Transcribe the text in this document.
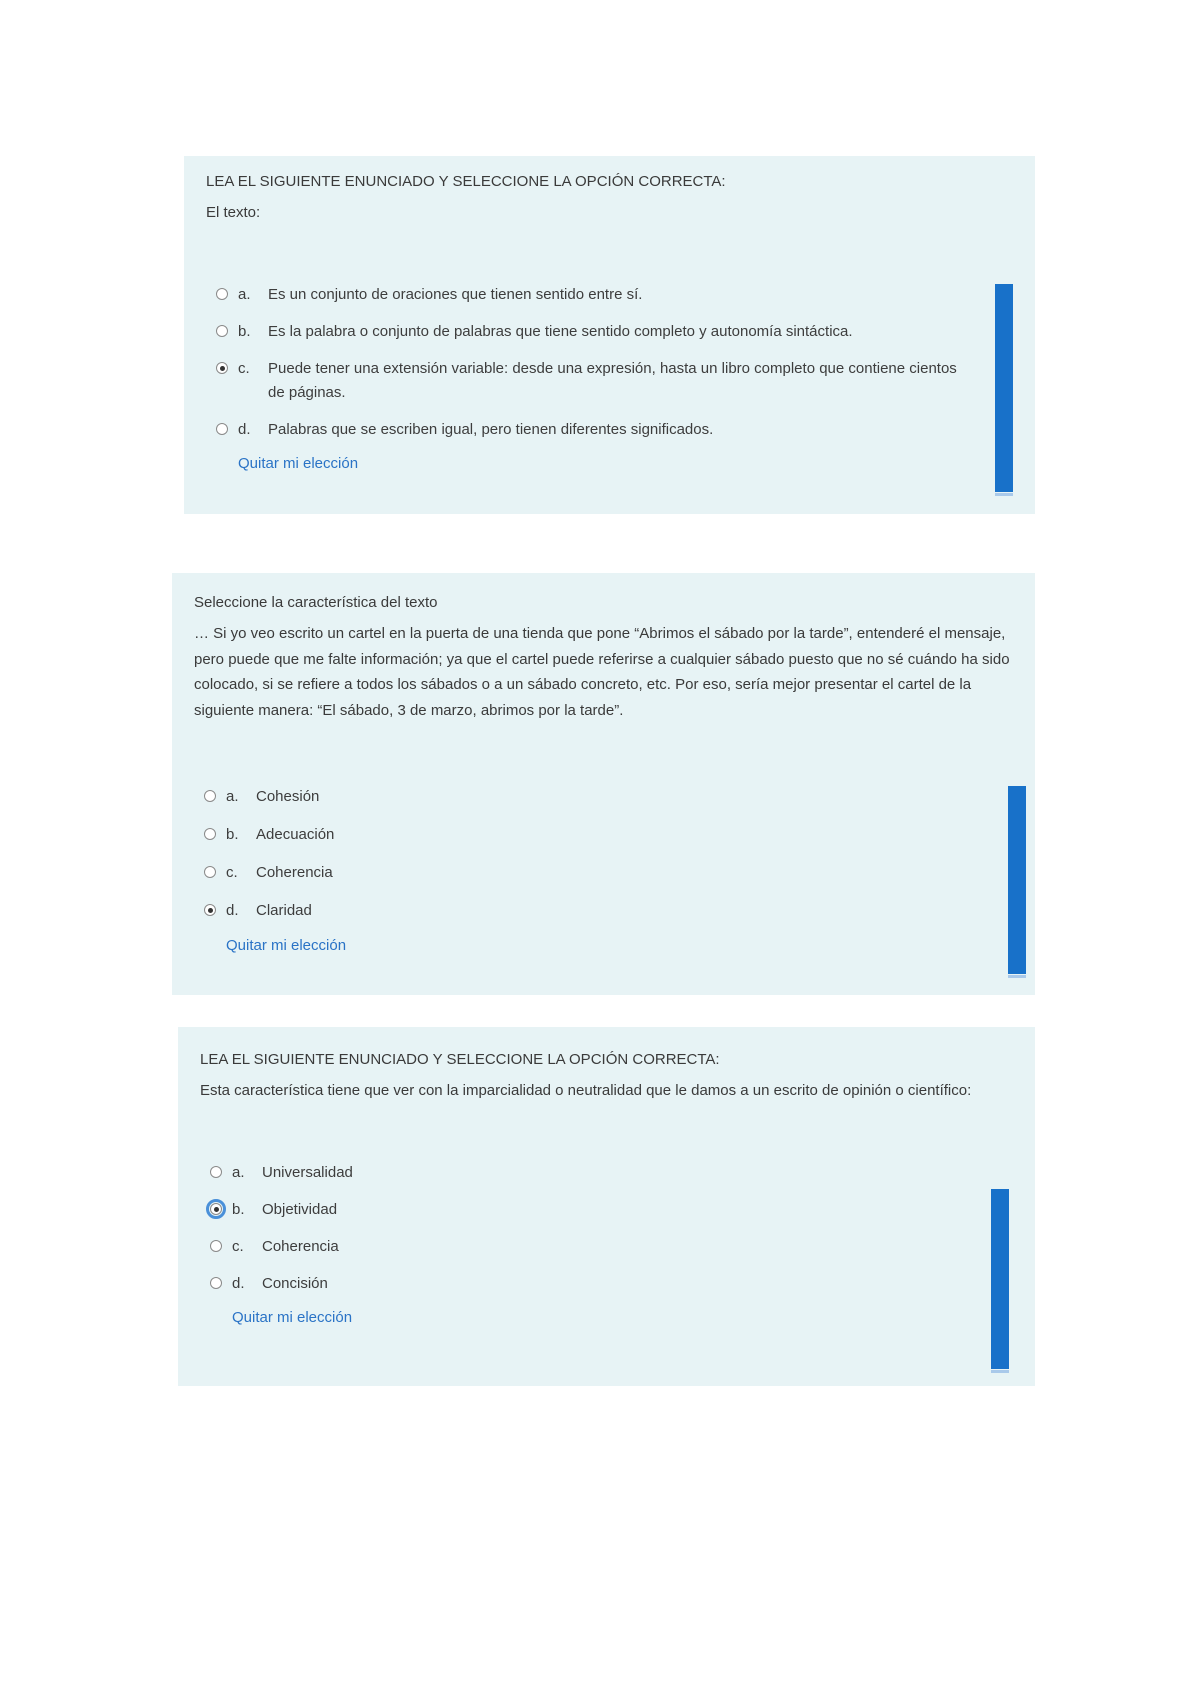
LEA EL SIGUIENTE ENUNCIADO Y SELECCIONE LA OPCIÓN CORRECTA:
El texto:
a.	Es un conjunto de oraciones que tienen sentido entre sí.
b.	Es la palabra o conjunto de palabras que tiene sentido completo y autonomía sintáctica.
c.	Puede tener una extensión variable: desde una expresión, hasta un libro completo que contiene cientos de páginas.
d.	Palabras que se escriben igual, pero tienen diferentes significados.
Quitar mi elección
Seleccione la característica del texto
… Si yo veo escrito un cartel en la puerta de una tienda que pone “Abrimos el sábado por la tarde”, entenderé el mensaje, pero puede que me falte información; ya que el cartel puede referirse a cualquier sábado puesto que no sé cuándo ha sido colocado, si se refiere a todos los sábados o a un sábado concreto, etc. Por eso, sería mejor presentar el cartel de la siguiente manera: “El sábado, 3 de marzo, abrimos por la tarde”.
a.	Cohesión
b.	Adecuación
c.	Coherencia
d.	Claridad
Quitar mi elección
LEA EL SIGUIENTE ENUNCIADO Y SELECCIONE LA OPCIÓN CORRECTA:
Esta característica tiene que ver con la imparcialidad o neutralidad que le damos a un escrito de opinión o científico:
a.	Universalidad
b.	Objetividad
c.	Coherencia
d.	Concisión
Quitar mi elección
